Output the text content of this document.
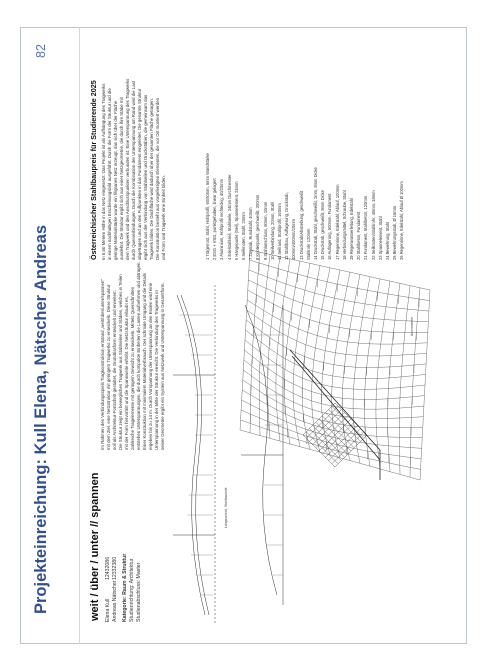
Projekteinreichung: Kull Elena, Nätscher Andreas
82
weit / über / unter // spannen Elena Kull
12432086
Andreas Nätscher
12332380 Kategorie: Raum & Struktur Studienrichtung: Architektur Studienabschluss: Master
Im Rahmen des Verbindungsspiels Tragkonstruktion entstand „weit/über/unter/spannen" mit dem Ziel, eine Netzstruktur mit geringem Tragwerks zu entwickeln. Diese Struktur soll als Architektur-Fortschritt gestaltet, die Grundrissform entwickelt und erweitert. Die Struktur zeigt ein bewegliches Tragwerk aus Stahlseilen und Stäben, welches in Teilen mit der Form hervortritt und die Spannweite erhöht. Die Netzstruktur erlaubt es, zahlreiche Tragelemente mit geringem Gewicht zu entwickeln. Mittels Querschnitten entstehen Unterspannungen, die durch kompakte Einheiten die Lasten aufnehmen und abtragen. Einer Konstruktion mit minimalem Materialverbrauch. Der schmale Umgang und die Details ergeben bis zu 14 m. Durch Vorspannung der Unterspannung an den Enden wird eine Unterspannung in der Mitte der Struktur erreicht. Die Verbindung des Tragwerks in seiner Geometrie ergibt ein System aus Netzwerk und Unterspannung in Gesamtform.
Österreichischer Stahlbaupreis für Studierende 2025 In 6,60 Metern Höhe in das Netz eingesetzt: Das Projekt ist als Aufhängung des Tragwerks in einem nachhaltigen Erscheinungsbild ausgeführt. Durch die Form der Struktur und die geringe Materialstärke wurde ein filigranes Netz erzeugt, das sich über der Fläche ausdehnt. Die Struktur ergibt sich aus einer Netzgeometrie, die durch ihre Stäbe mit dem Tragwerk und den Anschlusspunkten verbunden ist. Eine Unterspannung des Tragwerks durch Querverbindungen. Durch die Kombination der Unterspannung am Rand wird die Last abgetragen und an den Fußpunkten in das Fundament eingeleitet. Die gesamte Struktur ergibt sich aus der Verbindung von Stahlseilen und Druckstäben, die gemeinsam das Tragwerk bilden. Die Dachfläche wird dadurch über der gesamten Fläche getragen. Die Konstruktion besteht aus vorgefertigten Elementen, die vor Ort montiert werden und Form und Tragwerk eine Einheit bilden.	1 Trägerrost, Stahl, Hohlprofil, 60/60mm, 5mm Wandstärke 2 ESG + VSG, punktgehalten, linear gelagert 3 Aluminium, Hohlprofil rechteckig, 40/20mm 4 Edelstahlseil, Stahlseile, 24mm Durchmesser 5 Hängepunkt (Seil), Spannelement, 24mm 6 Seilknoten, Stahl, 20mm 7 Zugstab, Rundstahl, 40mm 8 Knotenpunkt, geschweißt, 300mm 9 Stahlanschluss, 80mm, 10mm 10 Seilverbindung, 20mm, Stahl 11 Seilrand, Stahlprofil, 160mm 12 Stahlbau, Auflagerung, Druckstab, 400mm/400mm/20mm 13 Druckstab/Abstrebung, geschweißt Stahlrohr 120mm 14 Druckstab, Stahl, geschweißt, 2mm, 8mm Dicke 15 Druckstab, geschweißt, 8mm Dicke 16 Auflagerung, 500mm, Fundament 17 Regenrinne, Edelstahl, Ablauf, 100mm 18 Verbindungsmittel, Schraube, Stahl 19 Regenwasserleitung, Edelstahl 20 Stahlbeton, Fundament 21 Fundament, Stahlbeton, 120mm 22 Seilknoten/Stahlrohr, 40mm, 18mm 23 Spannelement, Stahl 24 Bewehrung, Stahl 25 Bewehrungsstab, Ø 16mm 26 Regenrinne, Edelstahl, Ablauf Ø 100mm
Längsschnitt, Stahlbauteile
Axonometrie
